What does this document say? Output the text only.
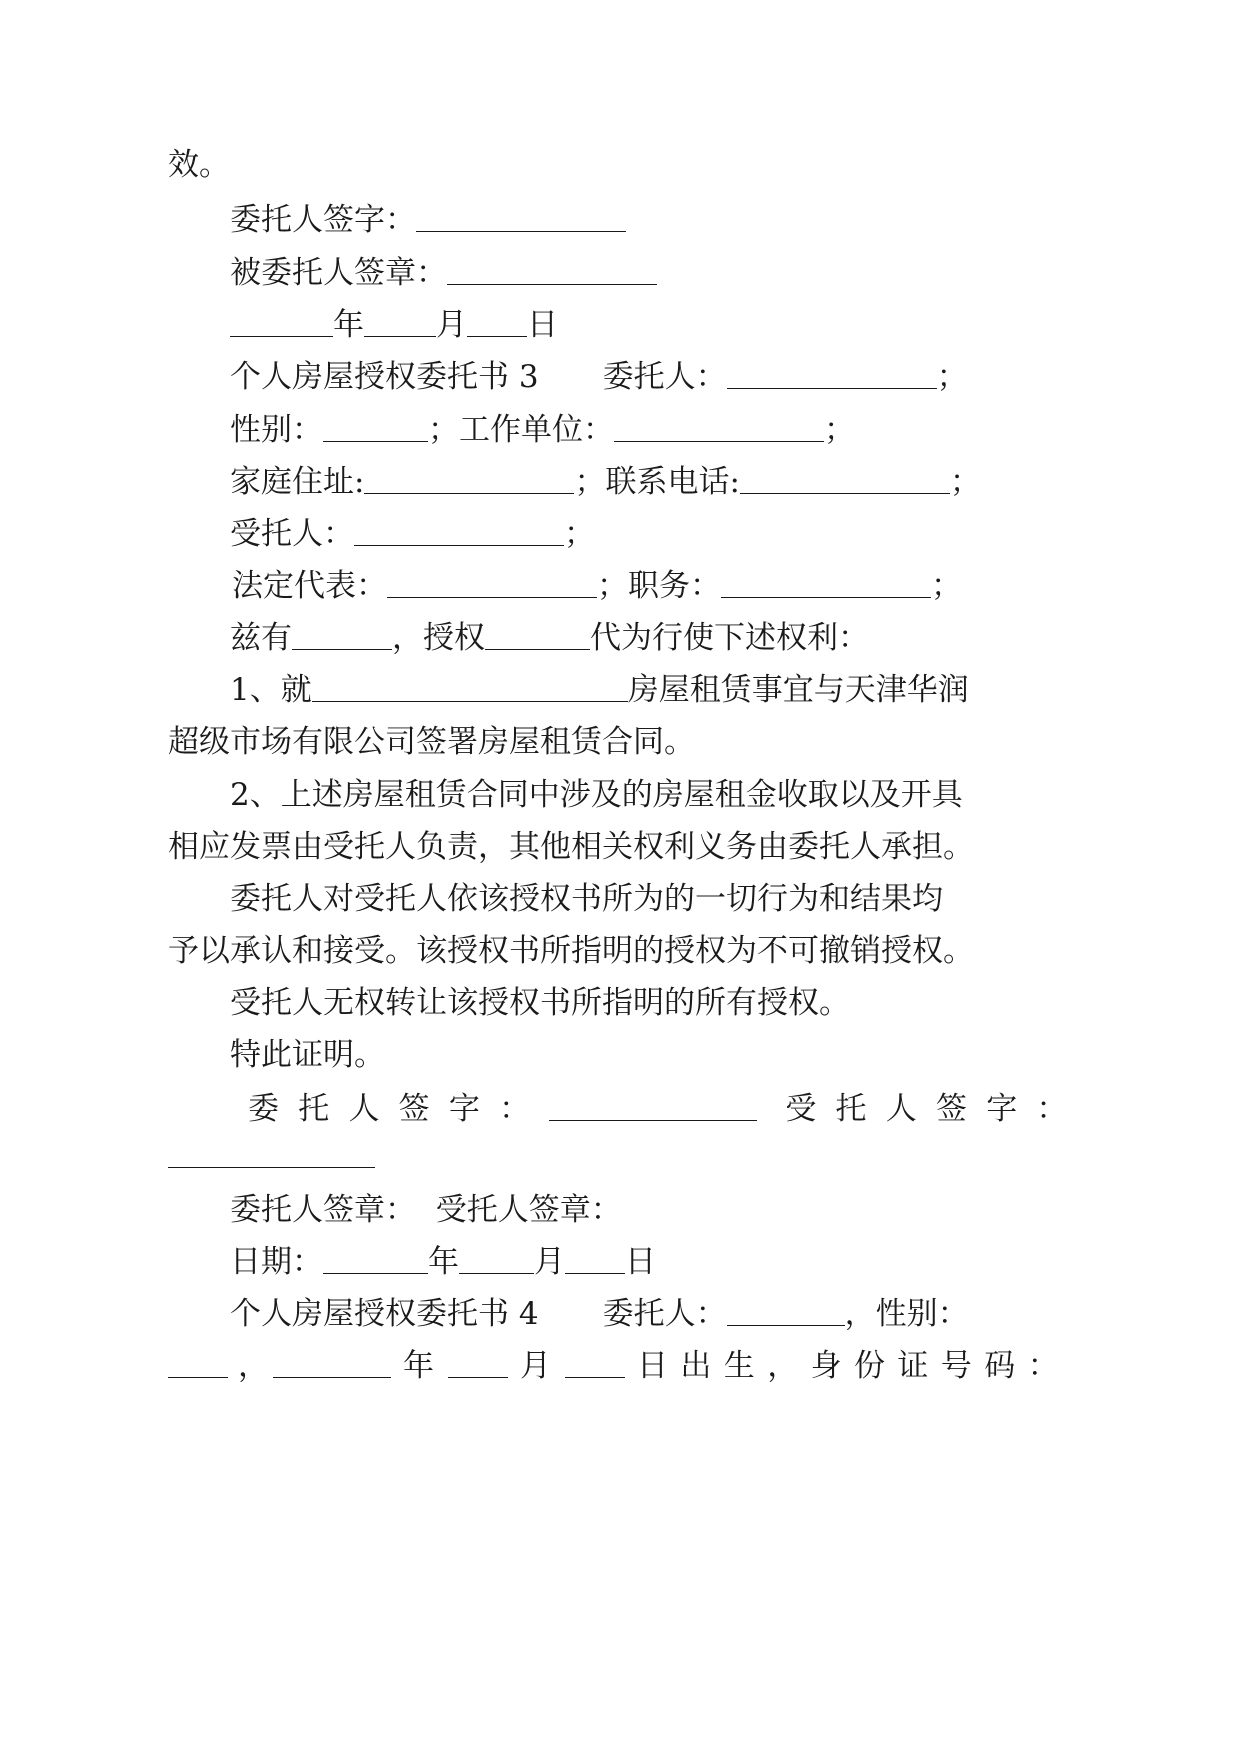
效。
委托人签字：
被委托人签章：
年 月 日
个人房屋授权委托书 3 委托人：	；
性别：	；工作单位：	；
家庭住址:	；联系电话:	；
受托人：	；
法定代表：	；职务：	；
兹有	，授权	代为行使下述权利：
1、就	房屋租赁事宜与天津华润
超级市场有限公司签署房屋租赁合同。
2、上述房屋租赁合同中涉及的房屋租金收取以及开具
相应发票由受托人负责，其他相关权利义务由委托人承担。
委托人对受托人依该授权书所为的一切行为和结果均
予以承认和接受。该授权书所指明的授权为不可撤销授权。
受托人无权转让该授权书所指明的所有授权。
特此证明。
委托人签字：	受托人签字：
委托人签章：  受托人签章：
日期：	年 月 日
个人房屋授权委托书 4 委托人：	，性别：
，	年	月	日出生，身份证号码：
